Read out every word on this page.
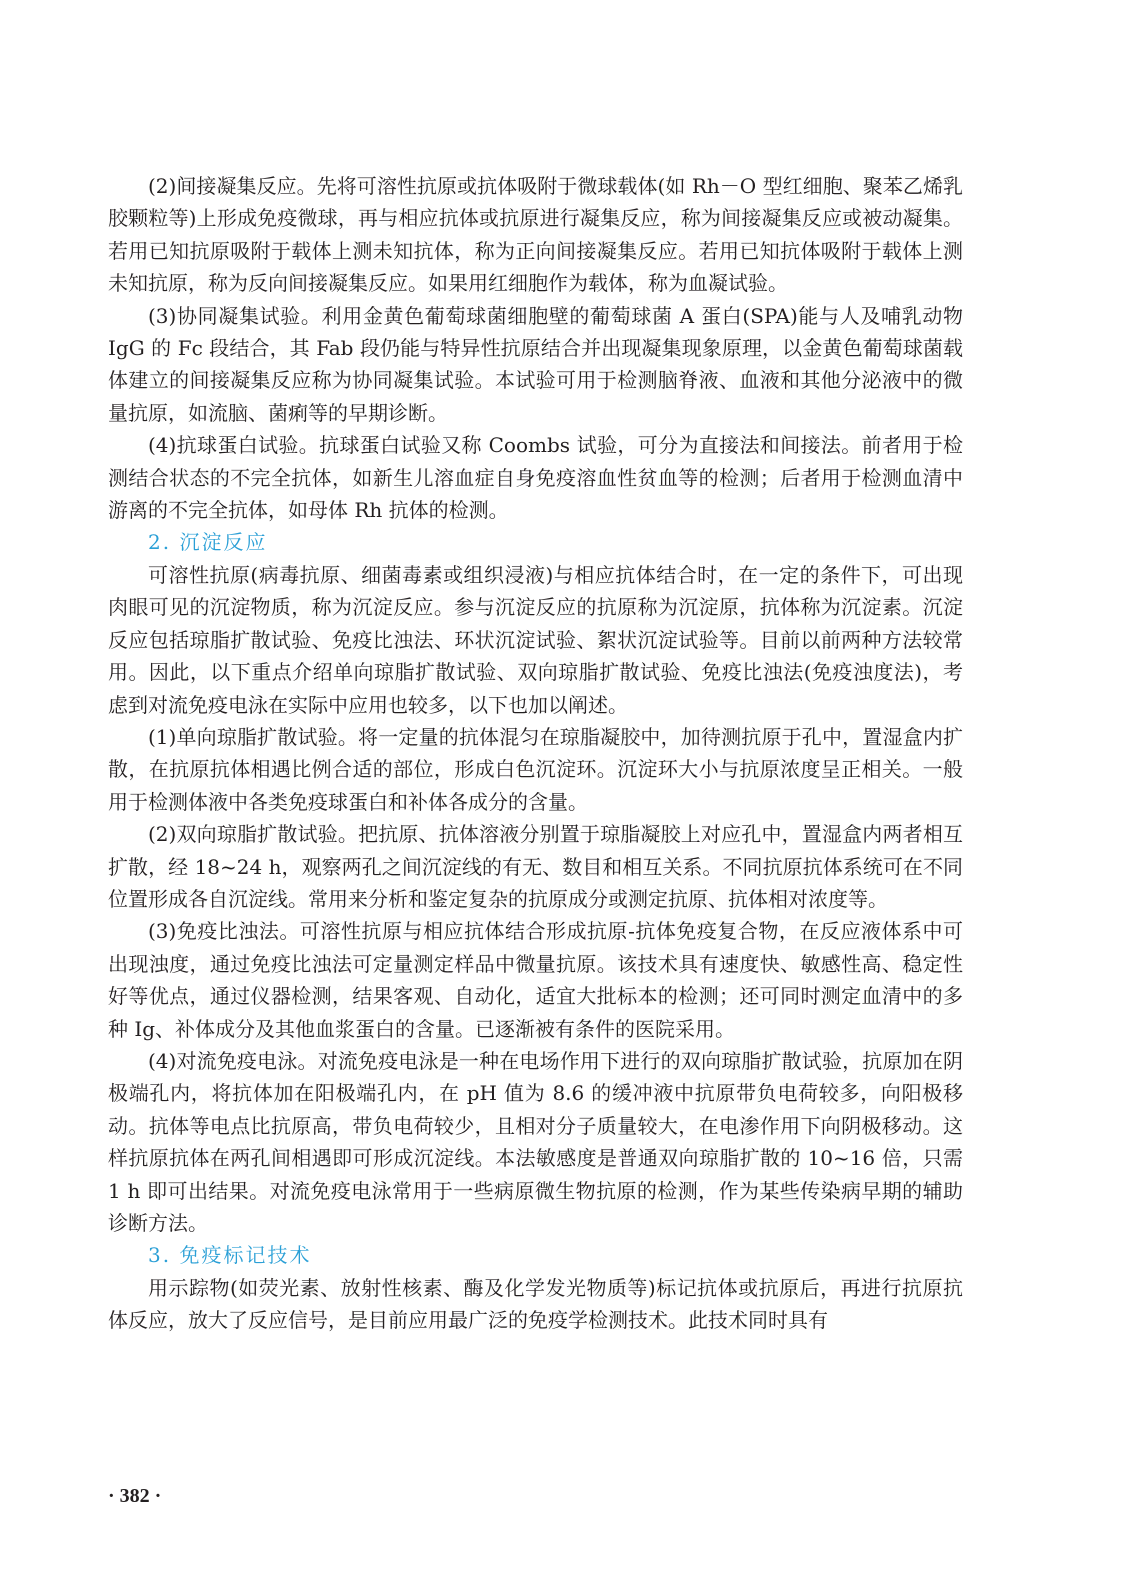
(2)间接凝集反应。先将可溶性抗原或抗体吸附于微球载体(如 Rh－O 型红细胞、聚苯乙烯乳胶颗粒等)上形成免疫微球，再与相应抗体或抗原进行凝集反应，称为间接凝集反应或被动凝集。若用已知抗原吸附于载体上测未知抗体，称为正向间接凝集反应。若用已知抗体吸附于载体上测未知抗原，称为反向间接凝集反应。如果用红细胞作为载体，称为血凝试验。

(3)协同凝集试验。利用金黄色葡萄球菌细胞壁的葡萄球菌 A 蛋白(SPA)能与人及哺乳动物 IgG 的 Fc 段结合，其 Fab 段仍能与特异性抗原结合并出现凝集现象原理，以金黄色葡萄球菌载体建立的间接凝集反应称为协同凝集试验。本试验可用于检测脑脊液、血液和其他分泌液中的微量抗原，如流脑、菌痢等的早期诊断。

(4)抗球蛋白试验。抗球蛋白试验又称 Coombs 试验，可分为直接法和间接法。前者用于检测结合状态的不完全抗体，如新生儿溶血症自身免疫溶血性贫血等的检测；后者用于检测血清中游离的不完全抗体，如母体 Rh 抗体的检测。

2. 沉淀反应

可溶性抗原(病毒抗原、细菌毒素或组织浸液)与相应抗体结合时，在一定的条件下，可出现肉眼可见的沉淀物质，称为沉淀反应。参与沉淀反应的抗原称为沉淀原，抗体称为沉淀素。沉淀反应包括琼脂扩散试验、免疫比浊法、环状沉淀试验、絮状沉淀试验等。目前以前两种方法较常用。因此，以下重点介绍单向琼脂扩散试验、双向琼脂扩散试验、免疫比浊法(免疫浊度法)，考虑到对流免疫电泳在实际中应用也较多，以下也加以阐述。

(1)单向琼脂扩散试验。将一定量的抗体混匀在琼脂凝胶中，加待测抗原于孔中，置湿盒内扩散，在抗原抗体相遇比例合适的部位，形成白色沉淀环。沉淀环大小与抗原浓度呈正相关。一般用于检测体液中各类免疫球蛋白和补体各成分的含量。

(2)双向琼脂扩散试验。把抗原、抗体溶液分别置于琼脂凝胶上对应孔中，置湿盒内两者相互扩散，经 18~24 h，观察两孔之间沉淀线的有无、数目和相互关系。不同抗原抗体系统可在不同位置形成各自沉淀线。常用来分析和鉴定复杂的抗原成分或测定抗原、抗体相对浓度等。

(3)免疫比浊法。可溶性抗原与相应抗体结合形成抗原-抗体免疫复合物，在反应液体系中可出现浊度，通过免疫比浊法可定量测定样品中微量抗原。该技术具有速度快、敏感性高、稳定性好等优点，通过仪器检测，结果客观、自动化，适宜大批标本的检测；还可同时测定血清中的多种 Ig、补体成分及其他血浆蛋白的含量。已逐渐被有条件的医院采用。

(4)对流免疫电泳。对流免疫电泳是一种在电场作用下进行的双向琼脂扩散试验，抗原加在阴极端孔内，将抗体加在阳极端孔内，在 pH 值为 8.6 的缓冲液中抗原带负电荷较多，向阳极移动。抗体等电点比抗原高，带负电荷较少，且相对分子质量较大，在电渗作用下向阴极移动。这样抗原抗体在两孔间相遇即可形成沉淀线。本法敏感度是普通双向琼脂扩散的 10~16 倍，只需 1 h 即可出结果。对流免疫电泳常用于一些病原微生物抗原的检测，作为某些传染病早期的辅助诊断方法。

3. 免疫标记技术

用示踪物(如荧光素、放射性核素、酶及化学发光物质等)标记抗体或抗原后，再进行抗原抗体反应，放大了反应信号，是目前应用最广泛的免疫学检测技术。此技术同时具有

· 382 ·
